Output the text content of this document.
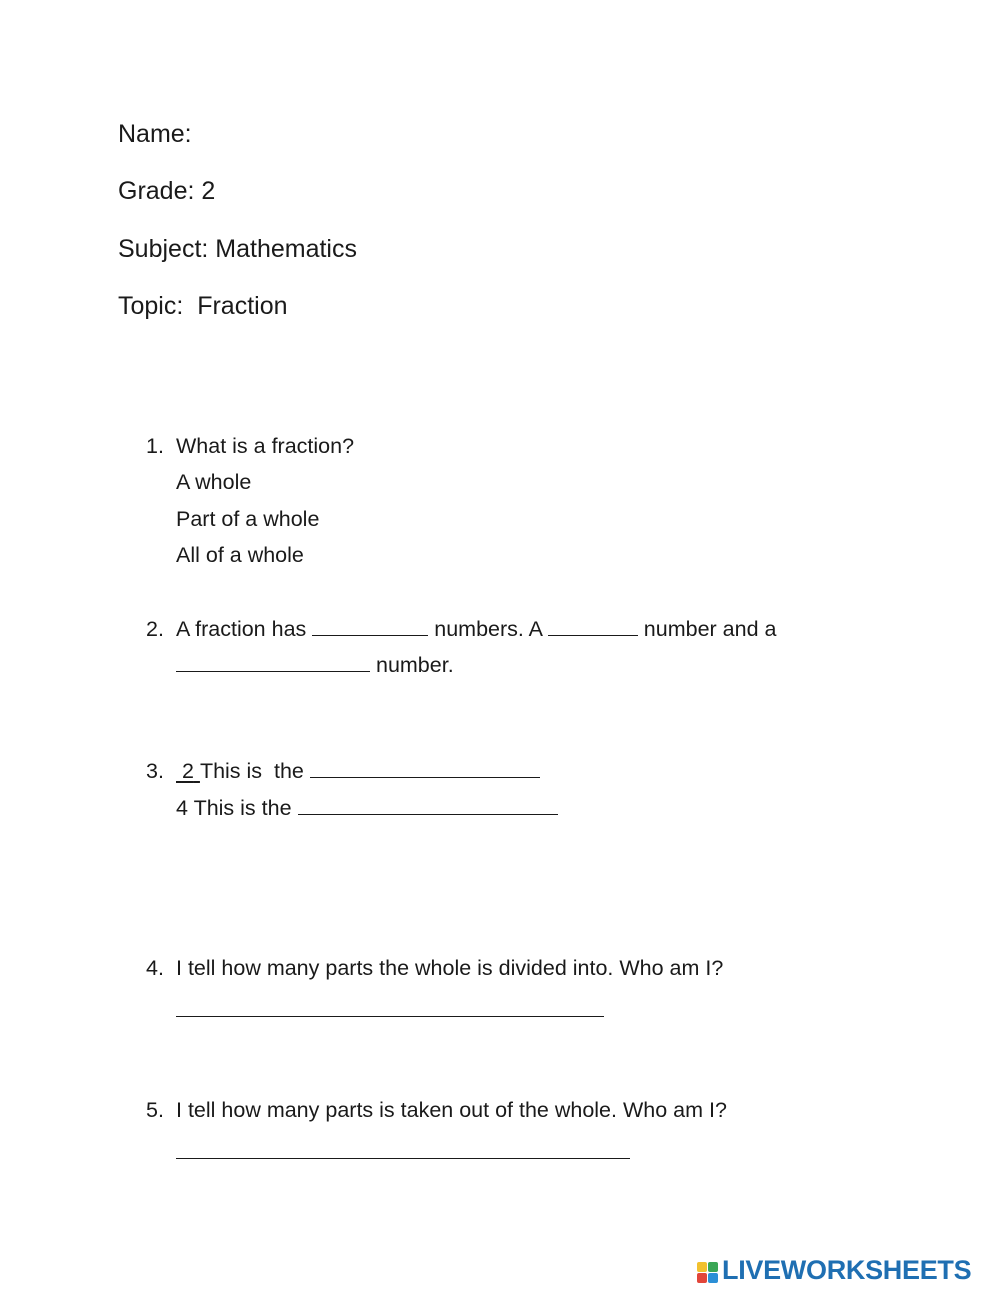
Name:
Grade: 2
Subject: Mathematics
Topic:  Fraction
1. What is a fraction?
A whole
Part of a whole
All of a whole
2. A fraction has	numbers. A	number and a
number.
3. 2 This is  the
4 This is the
4. I tell how many parts the whole is divided into. Who am I?
5. I tell how many parts is taken out of the whole. Who am I?
LIVEWORKSHEETS
